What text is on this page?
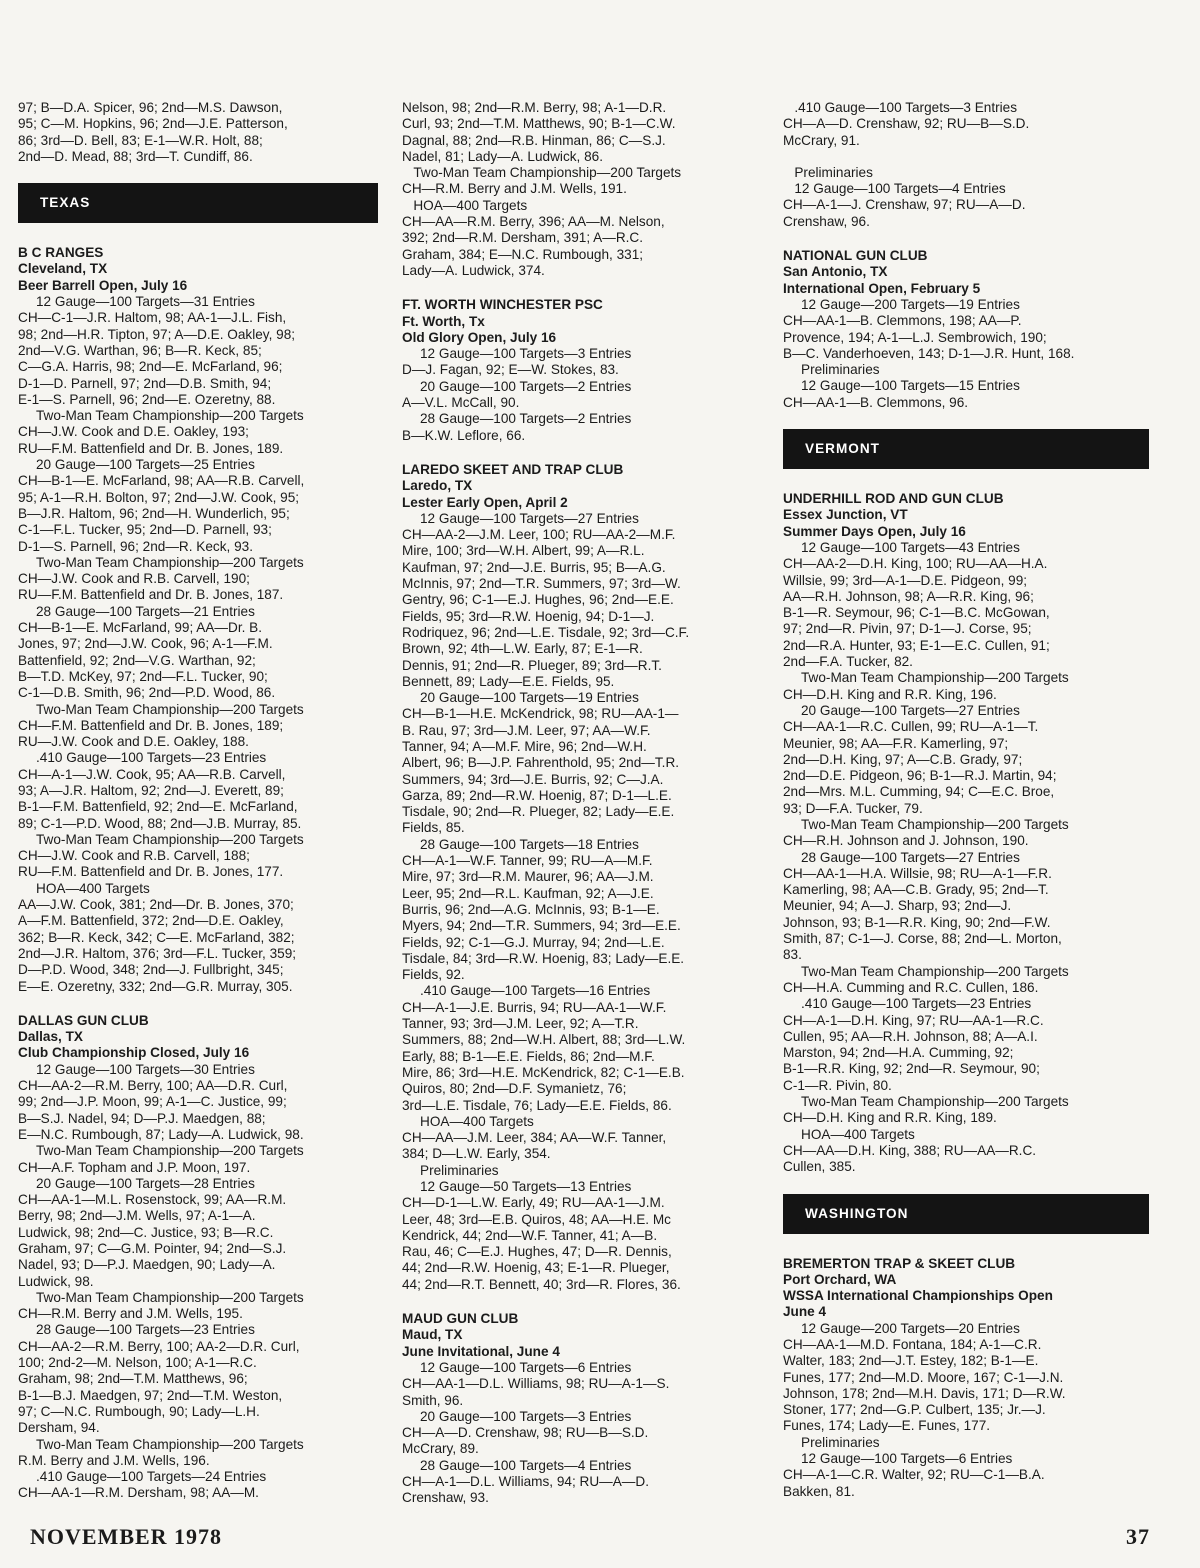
97; B—D.A. Spicer, 96; 2nd—M.S. Dawson,
95; C—M. Hopkins, 96; 2nd—J.E. Patterson,
86; 3rd—D. Bell, 83; E-1—W.R. Holt, 88;
2nd—D. Mead, 88; 3rd—T. Cundiff, 86.
TEXAS
B C RANGES
Cleveland, TX
Beer Barrell Open, July 16
12 Gauge—100 Targets—31 Entries
CH—C-1—J.R. Haltom, 98; AA-1—J.L. Fish,
98; 2nd—H.R. Tipton, 97; A—D.E. Oakley, 98;
2nd—V.G. Warthan, 96; B—R. Keck, 85;
C—G.A. Harris, 98; 2nd—E. McFarland, 96;
D-1—D. Parnell, 97; 2nd—D.B. Smith, 94;
E-1—S. Parnell, 96; 2nd—E. Ozeretny, 88.
Two-Man Team Championship—200 Targets
CH—J.W. Cook and D.E. Oakley, 193;
RU—F.M. Battenfield and Dr. B. Jones, 189.
20 Gauge—100 Targets—25 Entries
CH—B-1—E. McFarland, 98; AA—R.B. Carvell,
95; A-1—R.H. Bolton, 97; 2nd—J.W. Cook, 95;
B—J.R. Haltom, 96; 2nd—H. Wunderlich, 95;
C-1—F.L. Tucker, 95; 2nd—D. Parnell, 93;
D-1—S. Parnell, 96; 2nd—R. Keck, 93.
Two-Man Team Championship—200 Targets
CH—J.W. Cook and R.B. Carvell, 190;
RU—F.M. Battenfield and Dr. B. Jones, 187.
28 Gauge—100 Targets—21 Entries
CH—B-1—E. McFarland, 99; AA—Dr. B.
Jones, 97; 2nd—J.W. Cook, 96; A-1—F.M.
Battenfield, 92; 2nd—V.G. Warthan, 92;
B—T.D. McKey, 97; 2nd—F.L. Tucker, 90;
C-1—D.B. Smith, 96; 2nd—P.D. Wood, 86.
Two-Man Team Championship—200 Targets
CH—F.M. Battenfield and Dr. B. Jones, 189;
RU—J.W. Cook and D.E. Oakley, 188.
.410 Gauge—100 Targets—23 Entries
CH—A-1—J.W. Cook, 95; AA—R.B. Carvell,
93; A—J.R. Haltom, 92; 2nd—J. Everett, 89;
B-1—F.M. Battenfield, 92; 2nd—E. McFarland,
89; C-1—P.D. Wood, 88; 2nd—J.B. Murray, 85.
Two-Man Team Championship—200 Targets
CH—J.W. Cook and R.B. Carvell, 188;
RU—F.M. Battenfield and Dr. B. Jones, 177.
HOA—400 Targets
AA—J.W. Cook, 381; 2nd—Dr. B. Jones, 370;
A—F.M. Battenfield, 372; 2nd—D.E. Oakley,
362; B—R. Keck, 342; C—E. McFarland, 382;
2nd—J.R. Haltom, 376; 3rd—F.L. Tucker, 359;
D—P.D. Wood, 348; 2nd—J. Fullbright, 345;
E—E. Ozeretny, 332; 2nd—G.R. Murray, 305.
DALLAS GUN CLUB
Dallas, TX
Club Championship Closed, July 16
12 Gauge—100 Targets—30 Entries
CH—AA-2—R.M. Berry, 100; AA—D.R. Curl,
99; 2nd—J.P. Moon, 99; A-1—C. Justice, 99;
B—S.J. Nadel, 94; D—P.J. Maedgen, 88;
E—N.C. Rumbough, 87; Lady—A. Ludwick, 98.
Two-Man Team Championship—200 Targets
CH—A.F. Topham and J.P. Moon, 197.
20 Gauge—100 Targets—28 Entries
CH—AA-1—M.L. Rosenstock, 99; AA—R.M.
Berry, 98; 2nd—J.M. Wells, 97; A-1—A.
Ludwick, 98; 2nd—C. Justice, 93; B—R.C.
Graham, 97; C—G.M. Pointer, 94; 2nd—S.J.
Nadel, 93; D—P.J. Maedgen, 90; Lady—A.
Ludwick, 98.
Two-Man Team Championship—200 Targets
CH—R.M. Berry and J.M. Wells, 195.
28 Gauge—100 Targets—23 Entries
CH—AA-2—R.M. Berry, 100; AA-2—D.R. Curl,
100; 2nd-2—M. Nelson, 100; A-1—R.C.
Graham, 98; 2nd—T.M. Matthews, 96;
B-1—B.J. Maedgen, 97; 2nd—T.M. Weston,
97; C—N.C. Rumbough, 90; Lady—L.H.
Dersham, 94.
Two-Man Team Championship—200 Targets
R.M. Berry and J.M. Wells, 196.
.410 Gauge—100 Targets—24 Entries
CH—AA-1—R.M. Dersham, 98; AA—M.
Nelson, 98; 2nd—R.M. Berry, 98; A-1—D.R.
Curl, 93; 2nd—T.M. Matthews, 90; B-1—C.W.
Dagnal, 88; 2nd—R.B. Hinman, 86; C—S.J.
Nadel, 81; Lady—A. Ludwick, 86.
Two-Man Team Championship—200 Targets
CH—R.M. Berry and J.M. Wells, 191.
HOA—400 Targets
CH—AA—R.M. Berry, 396; AA—M. Nelson,
392; 2nd—R.M. Dersham, 391; A—R.C.
Graham, 384; E—N.C. Rumbough, 331;
Lady—A. Ludwick, 374.
FT. WORTH WINCHESTER PSC
Ft. Worth, Tx
Old Glory Open, July 16
12 Gauge—100 Targets—3 Entries
D—J. Fagan, 92; E—W. Stokes, 83.
20 Gauge—100 Targets—2 Entries
A—V.L. McCall, 90.
28 Gauge—100 Targets—2 Entries
B—K.W. Leflore, 66.
LAREDO SKEET AND TRAP CLUB
Laredo, TX
Lester Early Open, April 2
12 Gauge—100 Targets—27 Entries
CH—AA-2—J.M. Leer, 100; RU—AA-2—M.F.
Mire, 100; 3rd—W.H. Albert, 99; A—R.L.
Kaufman, 97; 2nd—J.E. Burris, 95; B—A.G.
McInnis, 97; 2nd—T.R. Summers, 97; 3rd—W.
Gentry, 96; C-1—E.J. Hughes, 96; 2nd—E.E.
Fields, 95; 3rd—R.W. Hoenig, 94; D-1—J.
Rodriquez, 96; 2nd—L.E. Tisdale, 92; 3rd—C.F.
Brown, 92; 4th—L.W. Early, 87; E-1—R.
Dennis, 91; 2nd—R. Plueger, 89; 3rd—R.T.
Bennett, 89; Lady—E.E. Fields, 95.
20 Gauge—100 Targets—19 Entries
CH—B-1—H.E. McKendrick, 98; RU—AA-1—
B. Rau, 97; 3rd—J.M. Leer, 97; AA—W.F.
Tanner, 94; A—M.F. Mire, 96; 2nd—W.H.
Albert, 96; B—J.P. Fahrenthold, 95; 2nd—T.R.
Summers, 94; 3rd—J.E. Burris, 92; C—J.A.
Garza, 89; 2nd—R.W. Hoenig, 87; D-1—L.E.
Tisdale, 90; 2nd—R. Plueger, 82; Lady—E.E.
Fields, 85.
28 Gauge—100 Targets—18 Entries
CH—A-1—W.F. Tanner, 99; RU—A—M.F.
Mire, 97; 3rd—R.M. Maurer, 96; AA—J.M.
Leer, 95; 2nd—R.L. Kaufman, 92; A—J.E.
Burris, 96; 2nd—A.G. McInnis, 93; B-1—E.
Myers, 94; 2nd—T.R. Summers, 94; 3rd—E.E.
Fields, 92; C-1—G.J. Murray, 94; 2nd—L.E.
Tisdale, 84; 3rd—R.W. Hoenig, 83; Lady—E.E.
Fields, 92.
.410 Gauge—100 Targets—16 Entries
CH—A-1—J.E. Burris, 94; RU—AA-1—W.F.
Tanner, 93; 3rd—J.M. Leer, 92; A—T.R.
Summers, 88; 2nd—W.H. Albert, 88; 3rd—L.W.
Early, 88; B-1—E.E. Fields, 86; 2nd—M.F.
Mire, 86; 3rd—H.E. McKendrick, 82; C-1—E.B.
Quiros, 80; 2nd—D.F. Symanietz, 76;
3rd—L.E. Tisdale, 76; Lady—E.E. Fields, 86.
HOA—400 Targets
CH—AA—J.M. Leer, 384; AA—W.F. Tanner,
384; D—L.W. Early, 354.
Preliminaries
12 Gauge—50 Targets—13 Entries
CH—D-1—L.W. Early, 49; RU—AA-1—J.M.
Leer, 48; 3rd—E.B. Quiros, 48; AA—H.E. Mc
Kendrick, 44; 2nd—W.F. Tanner, 41; A—B.
Rau, 46; C—E.J. Hughes, 47; D—R. Dennis,
44; 2nd—R.W. Hoenig, 43; E-1—R. Plueger,
44; 2nd—R.T. Bennett, 40; 3rd—R. Flores, 36.
MAUD GUN CLUB
Maud, TX
June Invitational, June 4
12 Gauge—100 Targets—6 Entries
CH—AA-1—D.L. Williams, 98; RU—A-1—S.
Smith, 96.
20 Gauge—100 Targets—3 Entries
CH—A—D. Crenshaw, 98; RU—B—S.D.
McCrary, 89.
28 Gauge—100 Targets—4 Entries
CH—A-1—D.L. Williams, 94; RU—A—D.
Crenshaw, 93.
.410 Gauge—100 Targets—3 Entries
CH—A—D. Crenshaw, 92; RU—B—S.D.
McCrary, 91.
Preliminaries
12 Gauge—100 Targets—4 Entries
CH—A-1—J. Crenshaw, 97; RU—A—D.
Crenshaw, 96.
NATIONAL GUN CLUB
San Antonio, TX
International Open, February 5
12 Gauge—200 Targets—19 Entries
CH—AA-1—B. Clemmons, 198; AA—P.
Provence, 194; A-1—L.J. Sembrowich, 190;
B—C. Vanderhoeven, 143; D-1—J.R. Hunt, 168.
Preliminaries
12 Gauge—100 Targets—15 Entries
CH—AA-1—B. Clemmons, 96.
VERMONT
UNDERHILL ROD AND GUN CLUB
Essex Junction, VT
Summer Days Open, July 16
12 Gauge—100 Targets—43 Entries
CH—AA-2—D.H. King, 100; RU—AA—H.A.
Willsie, 99; 3rd—A-1—D.E. Pidgeon, 99;
AA—R.H. Johnson, 98; A—R.R. King, 96;
B-1—R. Seymour, 96; C-1—B.C. McGowan,
97; 2nd—R. Pivin, 97; D-1—J. Corse, 95;
2nd—R.A. Hunter, 93; E-1—E.C. Cullen, 91;
2nd—F.A. Tucker, 82.
Two-Man Team Championship—200 Targets
CH—D.H. King and R.R. King, 196.
20 Gauge—100 Targets—27 Entries
CH—AA-1—R.C. Cullen, 99; RU—A-1—T.
Meunier, 98; AA—F.R. Kamerling, 97;
2nd—D.H. King, 97; A—C.B. Grady, 97;
2nd—D.E. Pidgeon, 96; B-1—R.J. Martin, 94;
2nd—Mrs. M.L. Cumming, 94; C—E.C. Broe,
93; D—F.A. Tucker, 79.
Two-Man Team Championship—200 Targets
CH—R.H. Johnson and J. Johnson, 190.
28 Gauge—100 Targets—27 Entries
CH—AA-1—H.A. Willsie, 98; RU—A-1—F.R.
Kamerling, 98; AA—C.B. Grady, 95; 2nd—T.
Meunier, 94; A—J. Sharp, 93; 2nd—J.
Johnson, 93; B-1—R.R. King, 90; 2nd—F.W.
Smith, 87; C-1—J. Corse, 88; 2nd—L. Morton,
83.
Two-Man Team Championship—200 Targets
CH—H.A. Cumming and R.C. Cullen, 186.
.410 Gauge—100 Targets—23 Entries
CH—A-1—D.H. King, 97; RU—AA-1—R.C.
Cullen, 95; AA—R.H. Johnson, 88; A—A.I.
Marston, 94; 2nd—H.A. Cumming, 92;
B-1—R.R. King, 92; 2nd—R. Seymour, 90;
C-1—R. Pivin, 80.
Two-Man Team Championship—200 Targets
CH—D.H. King and R.R. King, 189.
HOA—400 Targets
CH—AA—D.H. King, 388; RU—AA—R.C.
Cullen, 385.
WASHINGTON
BREMERTON TRAP & SKEET CLUB
Port Orchard, WA
WSSA International Championships Open
June 4
12 Gauge—200 Targets—20 Entries
CH—AA-1—M.D. Fontana, 184; A-1—C.R.
Walter, 183; 2nd—J.T. Estey, 182; B-1—E.
Funes, 177; 2nd—M.D. Moore, 167; C-1—J.N.
Johnson, 178; 2nd—M.H. Davis, 171; D—R.W.
Stoner, 177; 2nd—G.P. Culbert, 135; Jr.—J.
Funes, 174; Lady—E. Funes, 177.
Preliminaries
12 Gauge—100 Targets—6 Entries
CH—A-1—C.R. Walter, 92; RU—C-1—B.A.
Bakken, 81.
NOVEMBER 1978	37
